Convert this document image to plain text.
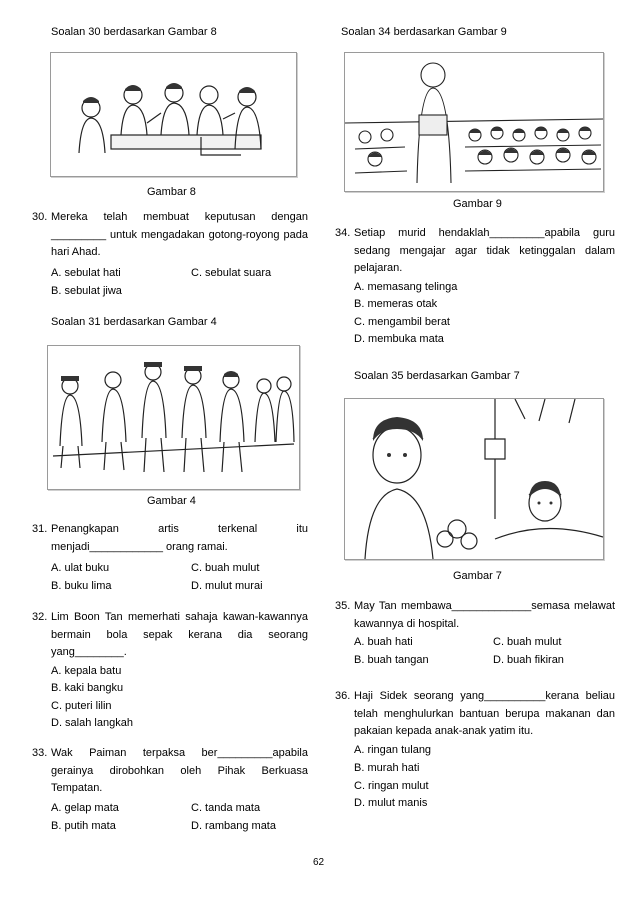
Soalan 30 berdasarkan Gambar 8
Gambar 8
30. Mereka telah membuat keputusan dengan _________ untuk mengadakan gotong-royong pada hari Ahad.
A. sebulat hati	C. sebulat suara
B. sebulat jiwa
Soalan 31 berdasarkan Gambar 4
Gambar 4
31. Penangkapan artis terkenal itu menjadi____________ orang ramai.
A. ulat buku	C. buah mulut
B. buku lima	D. mulut murai
32. Lim Boon Tan memerhati sahaja kawan-kawannya bermain bola sepak kerana dia seorang yang________.
A. kepala batu
B. kaki bangku
C. puteri lilin
D. salah langkah
33. Wak Paiman terpaksa ber_________apabila gerainya dirobohkan oleh Pihak Berkuasa Tempatan.
A. gelap mata	C. tanda mata
B. putih mata	D. rambang mata
Soalan 34 berdasarkan Gambar 9
Gambar 9
34. Setiap murid hendaklah_________apabila guru sedang mengajar agar tidak ketinggalan dalam pelajaran.
A. memasang telinga
B. memeras otak
C. mengambil berat
D. membuka mata
Soalan 35 berdasarkan Gambar 7
Gambar 7
35. May Tan membawa_____________semasa melawat kawannya di hospital.
A. buah hati	C. buah mulut
B. buah tangan	D. buah fikiran
36. Haji Sidek seorang yang__________kerana beliau telah menghulurkan bantuan berupa makanan dan pakaian kepada anak-anak yatim itu.
A. ringan tulang
B. murah hati
C. ringan mulut
D. mulut manis
62
